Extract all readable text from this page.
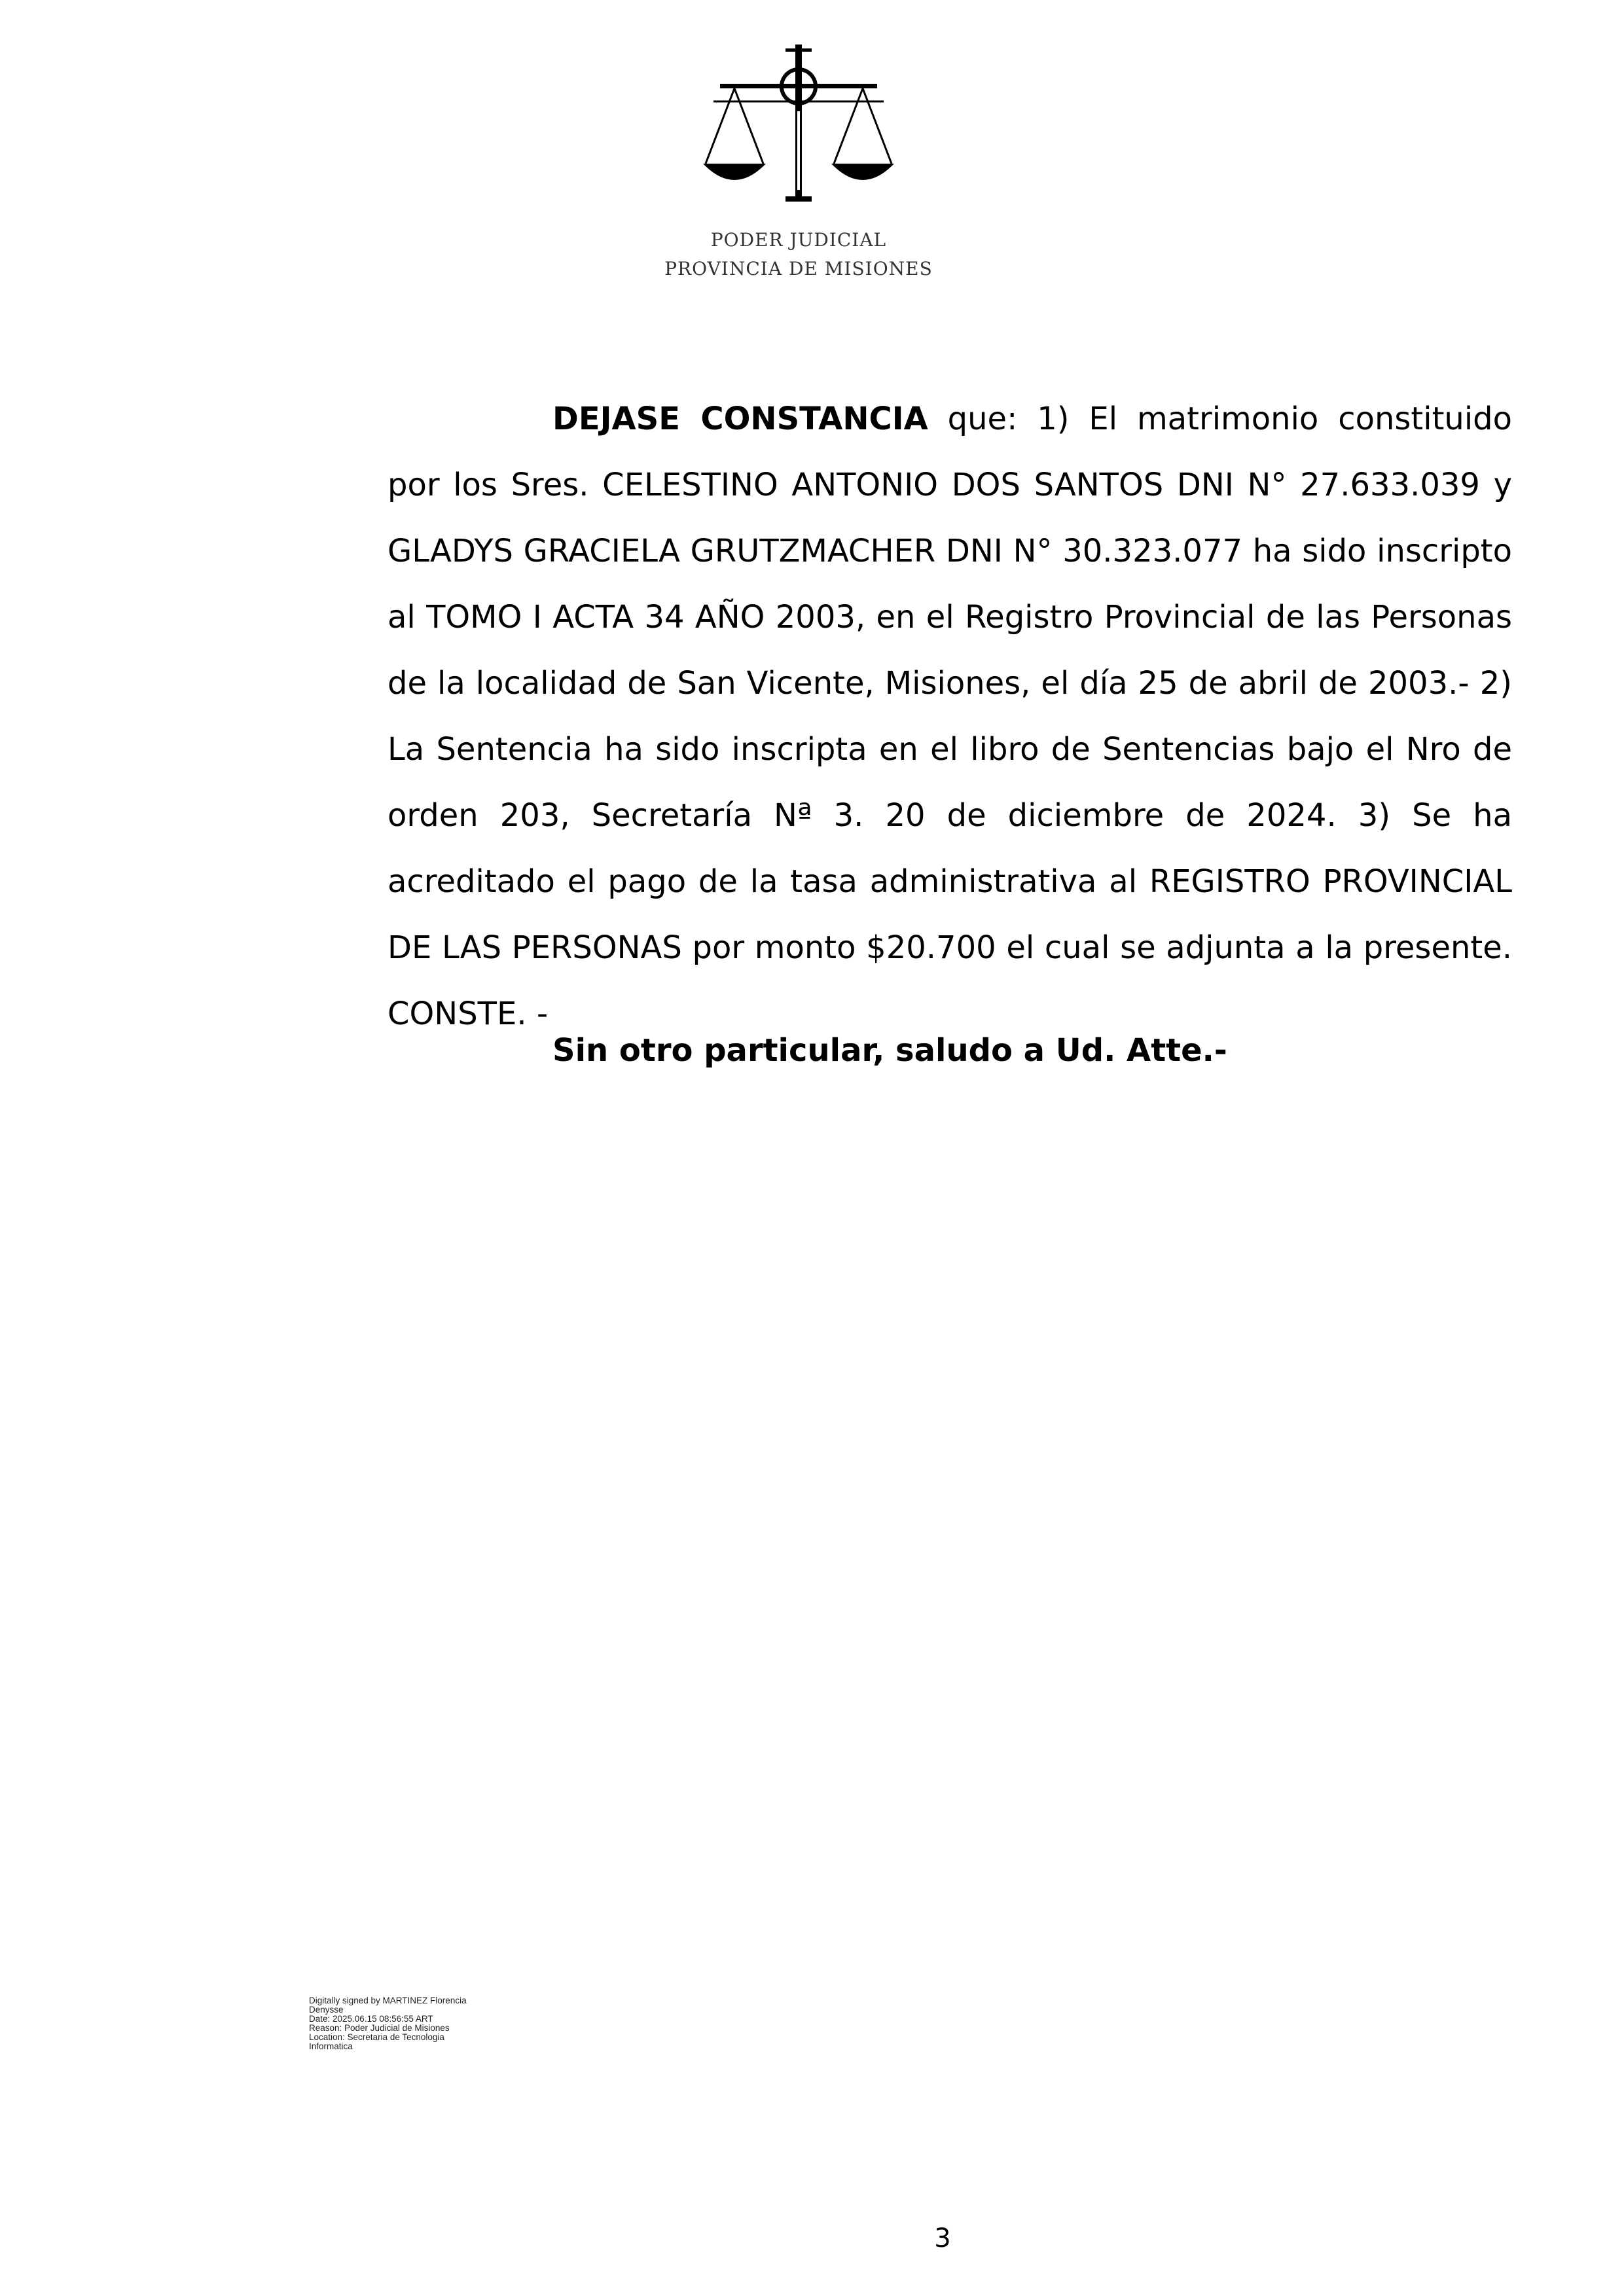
PODER JUDICIAL
PROVINCIA DE MISIONES

DEJASE CONSTANCIA que: 1) El matrimonio constituido por los Sres. CELESTINO ANTONIO DOS SANTOS DNI N° 27.633.039 y GLADYS GRACIELA GRUTZMACHER DNI N° 30.323.077 ha sido inscripto al TOMO I ACTA 34 AÑO 2003, en el Registro Provincial de las Personas de la localidad de San Vicente, Misiones, el día 25 de abril de 2003.- 2) La Sentencia ha sido inscripta en el libro de Sentencias bajo el Nro de orden 203, Secretaría Nª 3. 20 de diciembre de 2024. 3) Se ha acreditado el pago de la tasa administrativa al REGISTRO PROVINCIAL DE LAS PERSONAS por monto $20.700 el cual se adjunta a la presente. CONSTE. -

Sin otro particular, saludo a Ud. Atte.-
Digitally signed by MARTINEZ Florencia
Denysse
Date: 2025.06.15 08:56:55 ART
Reason: Poder Judicial de Misiones
Location: Secretaria de Tecnologia
Informatica
3
